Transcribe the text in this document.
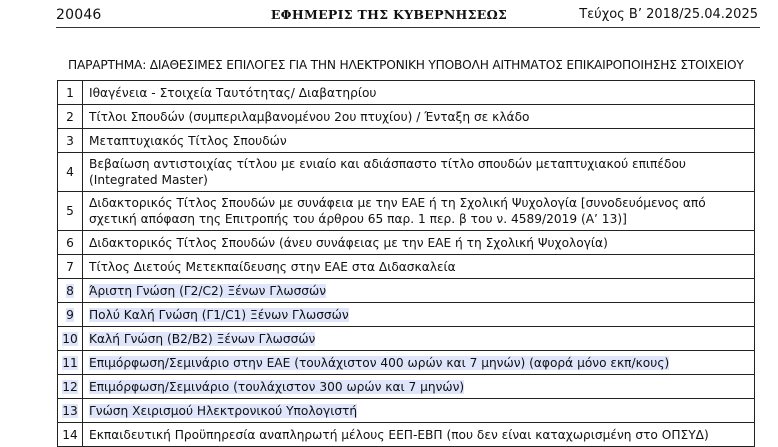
20046	ΕΦΗΜΕΡΙΣ ΤΗΣ ΚΥΒΕΡΝΗΣΕΩΣ	Τεύχος Β’ 2018/25.04.2025
ΠΑΡΑΡΤΗΜΑ: ΔΙΑΘΕΣΙΜΕΣ ΕΠΙΛΟΓΕΣ ΓΙΑ ΤΗΝ ΗΛΕΚΤΡΟΝΙΚΗ ΥΠΟΒΟΛΗ ΑΙΤΗΜΑΤΟΣ ΕΠΙΚΑΙΡΟΠΟΙΗΣΗΣ ΣΤΟΙΧΕΙΟΥ
1	Ιθαγένεια - Στοιχεία Ταυτότητας/ Διαβατηρίου
2	Τίτλοι Σπουδών (συμπεριλαμβανομένου 2ου πτυχίου) / Ένταξη σε κλάδο
3	Μεταπτυχιακός Τίτλος Σπουδών
4	Βεβαίωση αντιστοιχίας τίτλου με ενιαίο και αδιάσπαστο τίτλο σπουδών μεταπτυχιακού επιπέδου (Integrated Master)
5	Διδακτορικός Τίτλος Σπουδών με συνάφεια με την ΕΑΕ ή τη Σχολική Ψυχολογία [συνοδευόμενος από σχετική απόφαση της Επιτροπής του άρθρου 65 παρ. 1 περ. β του ν. 4589/2019 (Α’ 13)]
6	Διδακτορικός Τίτλος Σπουδών (άνευ συνάφειας με την ΕΑΕ ή τη Σχολική Ψυχολογία)
7	Τίτλος Διετούς Μετεκπαίδευσης στην ΕΑΕ στα Διδασκαλεία
8	Άριστη Γνώση (Γ2/C2) Ξένων Γλωσσών
9	Πολύ Καλή Γνώση (Γ1/C1) Ξένων Γλωσσών
10	Καλή Γνώση (Β2/Β2) Ξένων Γλωσσών
11	Επιμόρφωση/Σεμινάριο στην ΕΑΕ (τουλάχιστον 400 ωρών και 7 μηνών) (αφορά μόνο εκπ/κους)
12	Επιμόρφωση/Σεμινάριο (τουλάχιστον 300 ωρών και 7 μηνών)
13	Γνώση Χειρισμού Ηλεκτρονικού Υπολογιστή
14	Εκπαιδευτική Προϋπηρεσία αναπληρωτή μέλους ΕΕΠ-ΕΒΠ (που δεν είναι καταχωρισμένη στο ΟΠΣΥΔ)
